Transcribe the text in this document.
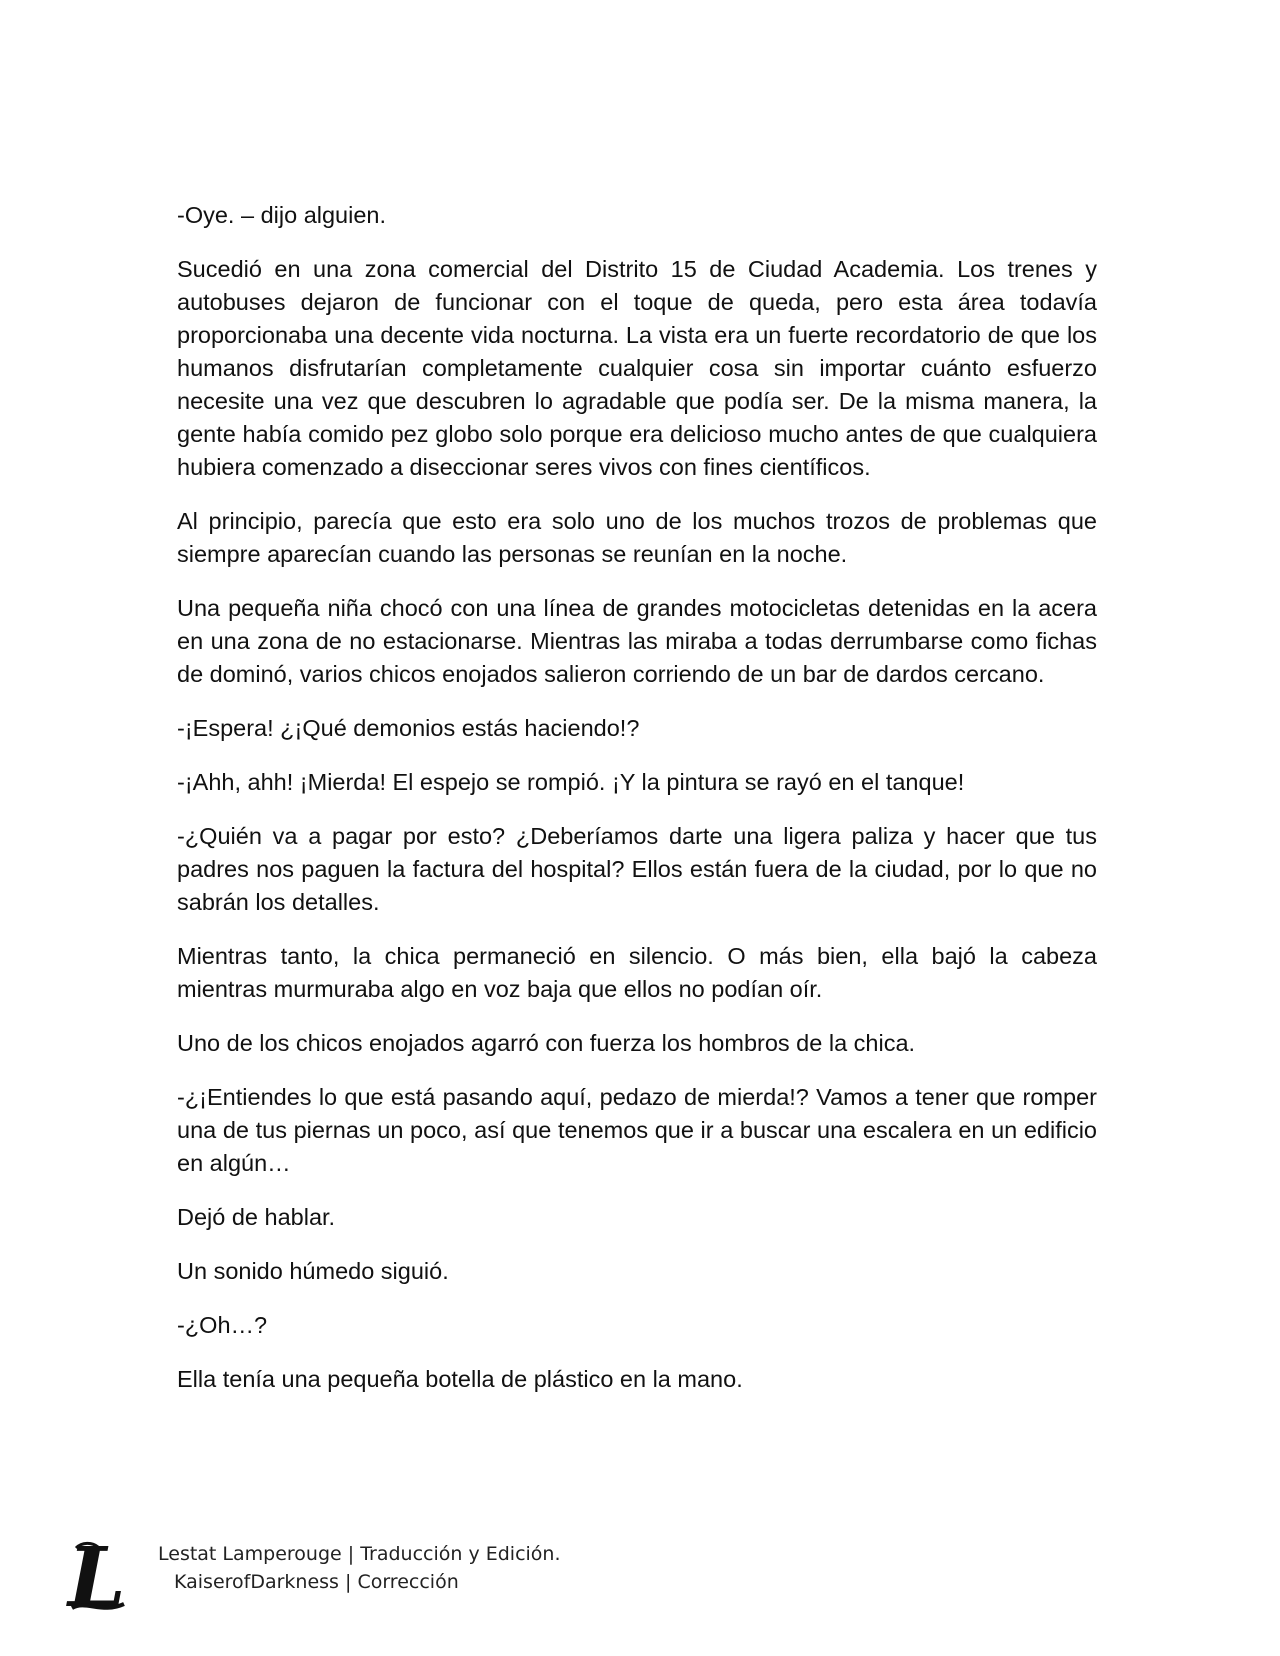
-Oye. – dijo alguien.

Sucedió en una zona comercial del Distrito 15 de Ciudad Academia. Los trenes y autobuses dejaron de funcionar con el toque de queda, pero esta área todavía proporcionaba una decente vida nocturna. La vista era un fuerte recordatorio de que los humanos disfrutarían completamente cualquier cosa sin importar cuánto esfuerzo necesite una vez que descubren lo agradable que podía ser. De la misma manera, la gente había comido pez globo solo porque era delicioso mucho antes de que cualquiera hubiera comenzado a diseccionar seres vivos con fines científicos.

Al principio, parecía que esto era solo uno de los muchos trozos de problemas que siempre aparecían cuando las personas se reunían en la noche.

Una pequeña niña chocó con una línea de grandes motocicletas detenidas en la acera en una zona de no estacionarse. Mientras las miraba a todas derrumbarse como fichas de dominó, varios chicos enojados salieron corriendo de un bar de dardos cercano.

-¡Espera! ¿¡Qué demonios estás haciendo!?

-¡Ahh, ahh! ¡Mierda! El espejo se rompió. ¡Y la pintura se rayó en el tanque!

-¿Quién va a pagar por esto? ¿Deberíamos darte una ligera paliza y hacer que tus padres nos paguen la factura del hospital? Ellos están fuera de la ciudad, por lo que no sabrán los detalles.

Mientras tanto, la chica permaneció en silencio. O más bien, ella bajó la cabeza mientras murmuraba algo en voz baja que ellos no podían oír.

Uno de los chicos enojados agarró con fuerza los hombros de la chica.

-¿¡Entiendes lo que está pasando aquí, pedazo de mierda!? Vamos a tener que romper una de tus piernas un poco, así que tenemos que ir a buscar una escalera en un edificio en algún…

Dejó de hablar.

Un sonido húmedo siguió.

-¿Oh…?

Ella tenía una pequeña botella de plástico en la mano.

L Lestat Lamperouge | Traducción y Edición.
KaiserofDarkness | Corrección
